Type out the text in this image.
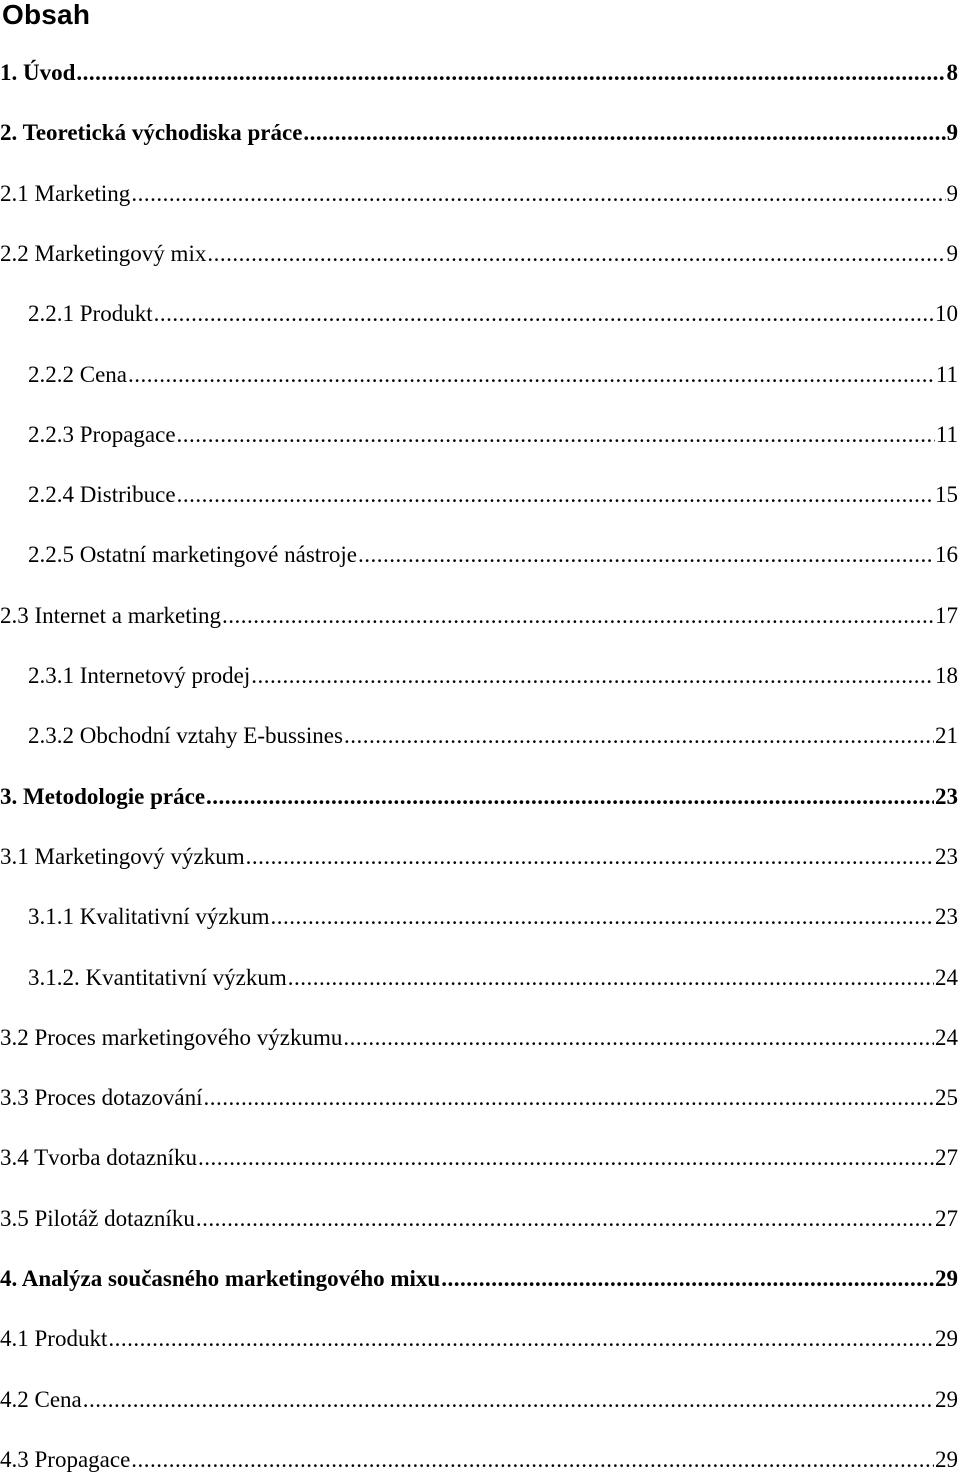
Obsah
1. Úvod .....	8
2. Teoretická východiska práce .....	9
2.1 Marketing .....	9
2.2 Marketingový mix .....	9
2.2.1 Produkt .....	10
2.2.2 Cena .....	11
2.2.3 Propagace .....	11
2.2.4 Distribuce .....	15
2.2.5 Ostatní marketingové nástroje .....	16
2.3 Internet a marketing .....	17
2.3.1 Internetový prodej .....	18
2.3.2 Obchodní vztahy E-bussines .....	21
3. Metodologie práce .....	23
3.1 Marketingový výzkum .....	23
3.1.1 Kvalitativní výzkum .....	23
3.1.2. Kvantitativní výzkum .....	24
3.2 Proces marketingového výzkumu .....	24
3.3 Proces dotazování .....	25
3.4 Tvorba dotazníku .....	27
3.5 Pilotáž dotazníku .....	27
4. Analýza současného marketingového mixu .....	29
4.1 Produkt .....	29
4.2 Cena .....	29
4.3 Propagace .....	29
